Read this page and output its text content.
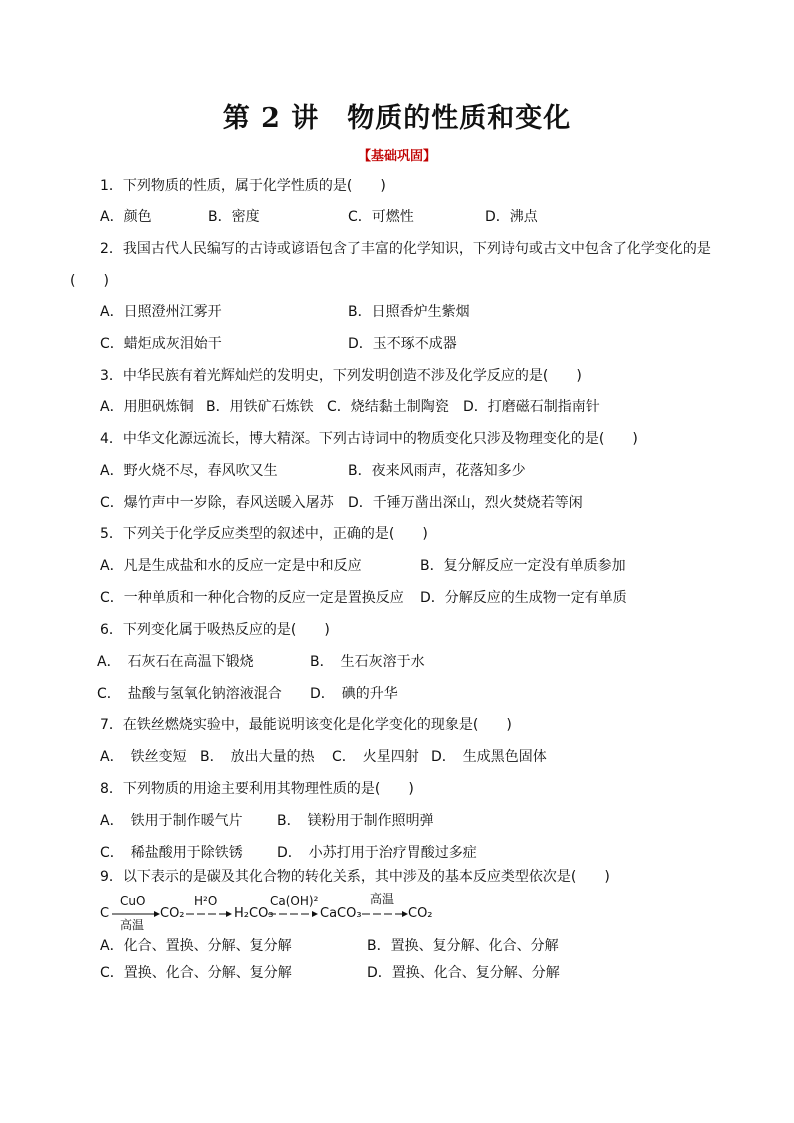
第 2 讲　物质的性质和变化
【基础巩固】
1．下列物质的性质，属于化学性质的是(　　)
A．颜色	B．密度	C．可燃性	D．沸点
2．我国古代人民编写的古诗或谚语包含了丰富的化学知识，下列诗句或古文中包含了化学变化的是
(　　)
A．日照澄州江雾开	B．日照香炉生紫烟
C．蜡炬成灰泪始干	D．玉不琢不成器
3．中华民族有着光辉灿烂的发明史，下列发明创造不涉及化学反应的是(　　)
A．用胆矾炼铜 B．用铁矿石炼铁 C．烧结黏土制陶瓷 D．打磨磁石制指南针
4．中华文化源远流长，博大精深。下列古诗词中的物质变化只涉及物理变化的是(　　)
A．野火烧不尽，春风吹又生	B．夜来风雨声，花落知多少
C．爆竹声中一岁除，春风送暖入屠苏 D．千锤万凿出深山，烈火焚烧若等闲
5．下列关于化学反应类型的叙述中，正确的是(　　)
A．凡是生成盐和水的反应一定是中和反应	B．复分解反应一定没有单质参加
C．一种单质和一种化合物的反应一定是置换反应 D．分解反应的生成物一定有单质
6．下列变化属于吸热反应的是(　　)
A．　石灰石在高温下锻烧	B．　生石灰溶于水
C．　盐酸与氢氧化钠溶液混合 D．　碘的升华
7．在铁丝燃烧实验中，最能说明该变化是化学变化的现象是(　　)
A．　铁丝变短 B．　放出大量的热 C．　火星四射 D．　生成黑色固体
8．下列物质的用途主要利用其物理性质的是(　　)
A．　铁用于制作暖气片 B．　镁粉用于制作照明弹
C．　稀盐酸用于除铁锈 D．　小苏打用于治疗胃酸过多症
9．以下表示的是碳及其化合物的转化关系，其中涉及的基本反应类型依次是(　　)
C
CuO
高温
CO₂
H²O
H₂CO₃
Ca(OH)²
CaCO₃
高温
CO₂
A．化合、置换、分解、复分解	B．置换、复分解、化合、分解
C．置换、化合、分解、复分解	D．置换、化合、复分解、分解
